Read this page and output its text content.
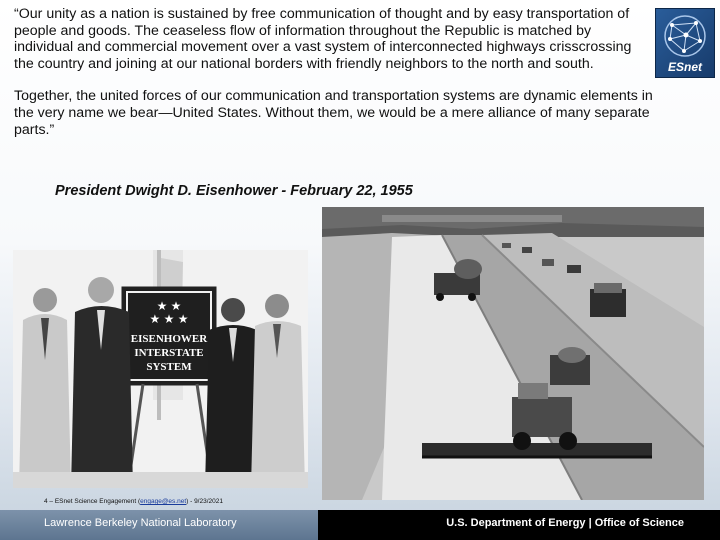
“Our unity as a nation is sustained by free communication of thought and by easy transportation of people and goods. The ceaseless flow of information throughout the Republic is matched by individual and commercial movement over a vast system of interconnected highways crisscrossing the country and joining at our national borders with friendly neighbors to the north and south.

Together, the united forces of our communication and transportation systems are dynamic elements in the very name we bear—United States. Without them, we would be a mere alliance of many separate parts.”

President Dwight D. Eisenhower - February 22, 1955
ESnet
★ ★
★ ★ ★
EISENHOWER
INTERSTATE
SYSTEM
4 – ESnet Science Engagement (engage@es.net) - 9/23/2021
Lawrence Berkeley National Laboratory	U.S. Department of Energy | Office of Science
